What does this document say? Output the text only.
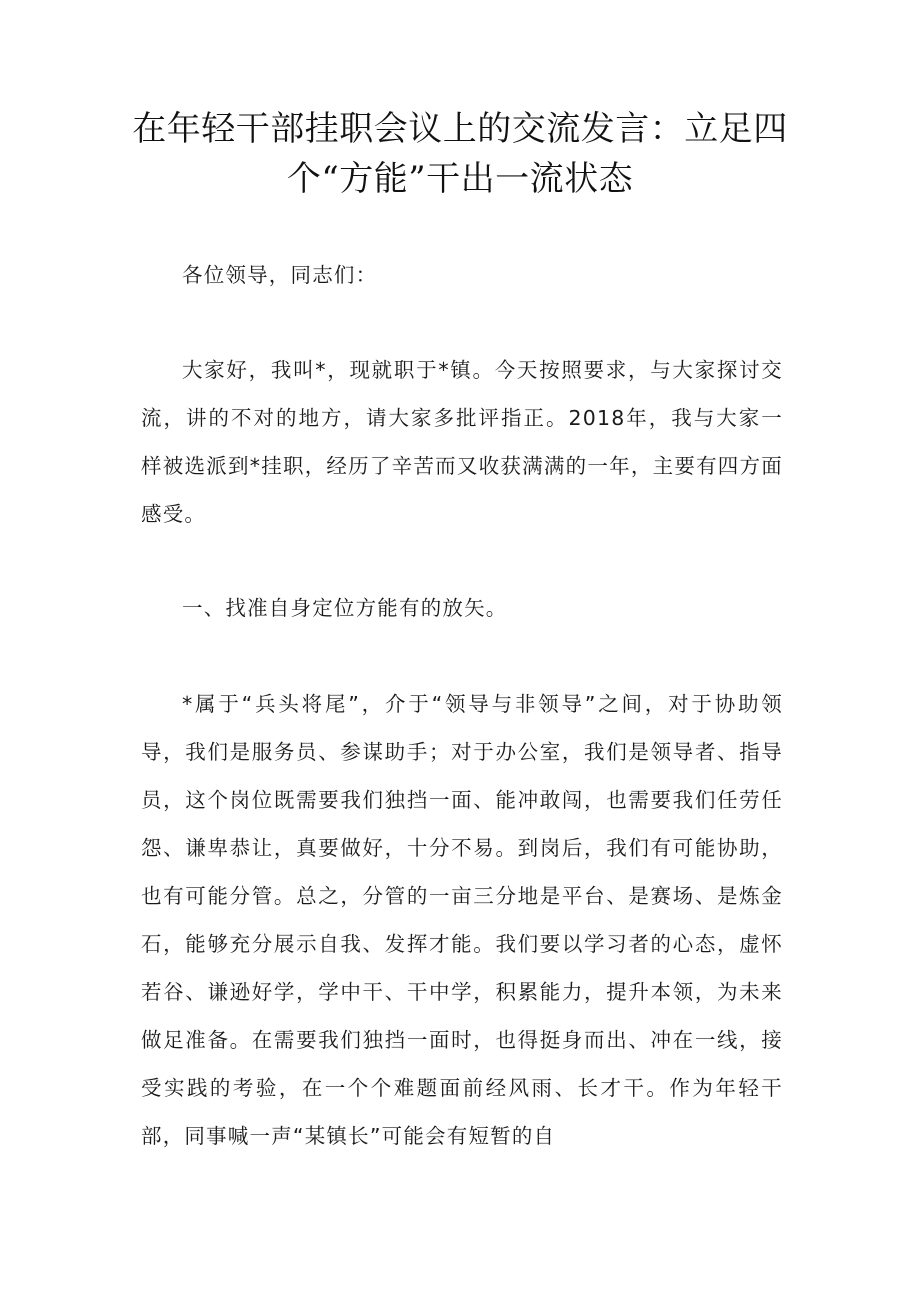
在年轻干部挂职会议上的交流发言：立足四
个“方能”干出一流状态

各位领导，同志们：

大家好，我叫*，现就职于*镇。今天按照要求，与大家探讨交流，讲的不对的地方，请大家多批评指正。2018年，我与大家一样被选派到*挂职，经历了辛苦而又收获满满的一年，主要有四方面感受。

一、找准自身定位方能有的放矢。

*属于“兵头将尾”，介于“领导与非领导”之间，对于协助领导，我们是服务员、参谋助手；对于办公室，我们是领导者、指导员，这个岗位既需要我们独挡一面、能冲敢闯，也需要我们任劳任怨、谦卑恭让，真要做好，十分不易。到岗后，我们有可能协助，也有可能分管。总之，分管的一亩三分地是平台、是赛场、是炼金石，能够充分展示自我、发挥才能。我们要以学习者的心态，虚怀若谷、谦逊好学，学中干、干中学，积累能力，提升本领，为未来做足准备。在需要我们独挡一面时，也得挺身而出、冲在一线，接受实践的考验，在一个个难题面前经风雨、长才干。作为年轻干部，同事喊一声“某镇长”可能会有短暂的自
